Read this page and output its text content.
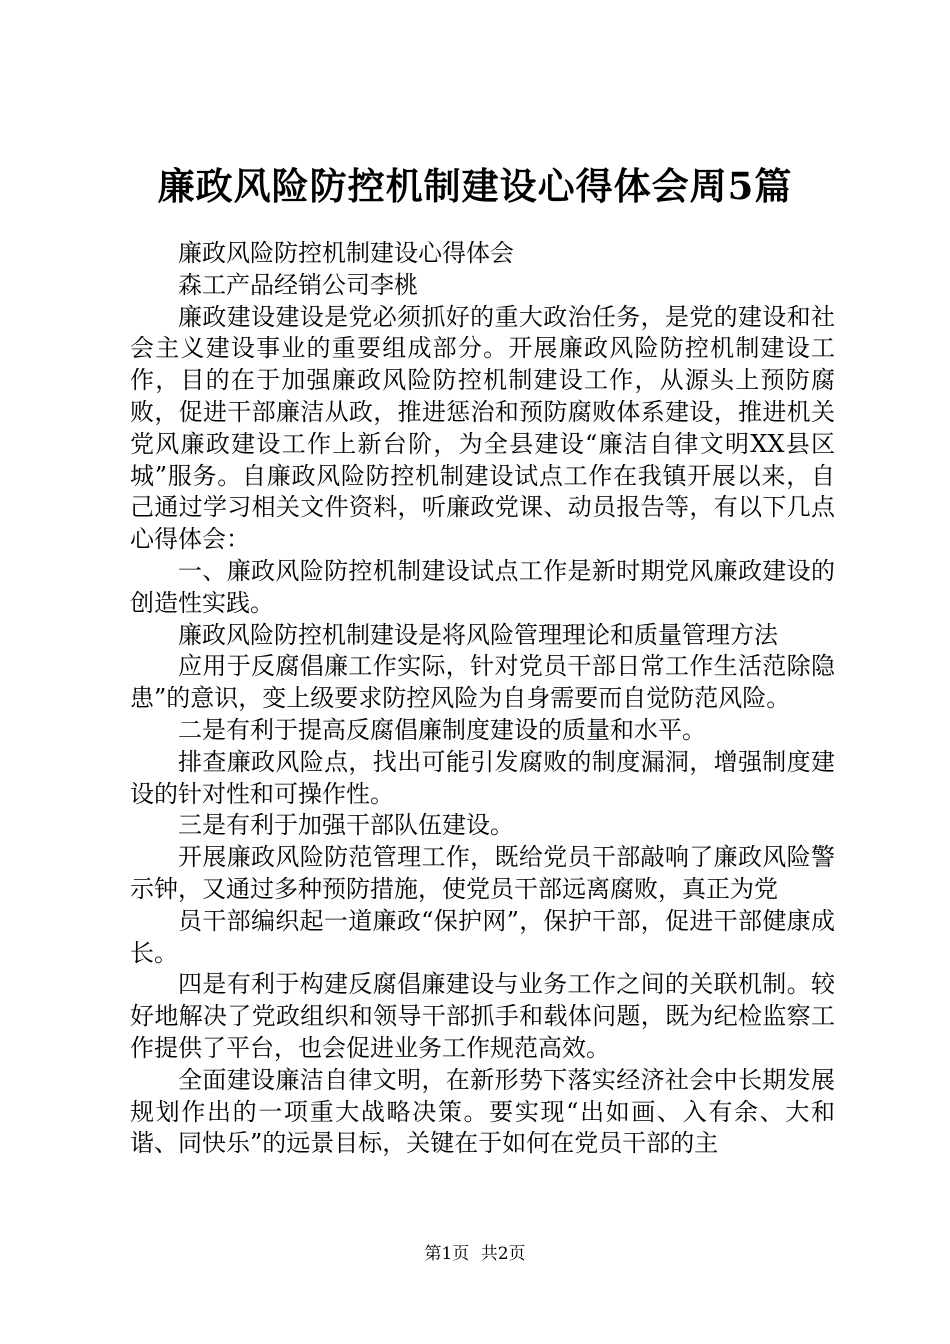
廉政风险防控机制建设心得体会周5篇

廉政风险防控机制建设心得体会

森工产品经销公司李桃

廉政建设建设是党必须抓好的重大政治任务，是党的建设和社会主义建设事业的重要组成部分。开展廉政风险防控机制建设工作，目的在于加强廉政风险防控机制建设工作，从源头上预防腐败，促进干部廉洁从政，推进惩治和预防腐败体系建设，推进机关党风廉政建设工作上新台阶，为全县建设“廉洁自律文明XX县区城”服务。自廉政风险防控机制建设试点工作在我镇开展以来，自己通过学习相关文件资料，听廉政党课、动员报告等，有以下几点心得体会：

一、廉政风险防控机制建设试点工作是新时期党风廉政建设的创造性实践。

廉政风险防控机制建设是将风险管理理论和质量管理方法

应用于反腐倡廉工作实际，针对党员干部日常工作生活范除隐患”的意识，变上级要求防控风险为自身需要而自觉防范风险。

二是有利于提高反腐倡廉制度建设的质量和水平。

排查廉政风险点，找出可能引发腐败的制度漏洞，增强制度建设的针对性和可操作性。

三是有利于加强干部队伍建设。

开展廉政风险防范管理工作，既给党员干部敲响了廉政风险警示钟，又通过多种预防措施，使党员干部远离腐败，真正为党

员干部编织起一道廉政“保护网”，保护干部，促进干部健康成长。

四是有利于构建反腐倡廉建设与业务工作之间的关联机制。较好地解决了党政组织和领导干部抓手和载体问题，既为纪检监察工作提供了平台，也会促进业务工作规范高效。

全面建设廉洁自律文明，在新形势下落实经济社会中长期发展规划作出的一项重大战略决策。要实现“出如画、入有余、大和谐、同快乐”的远景目标，关键在于如何在党员干部的主

第1页 共2页
